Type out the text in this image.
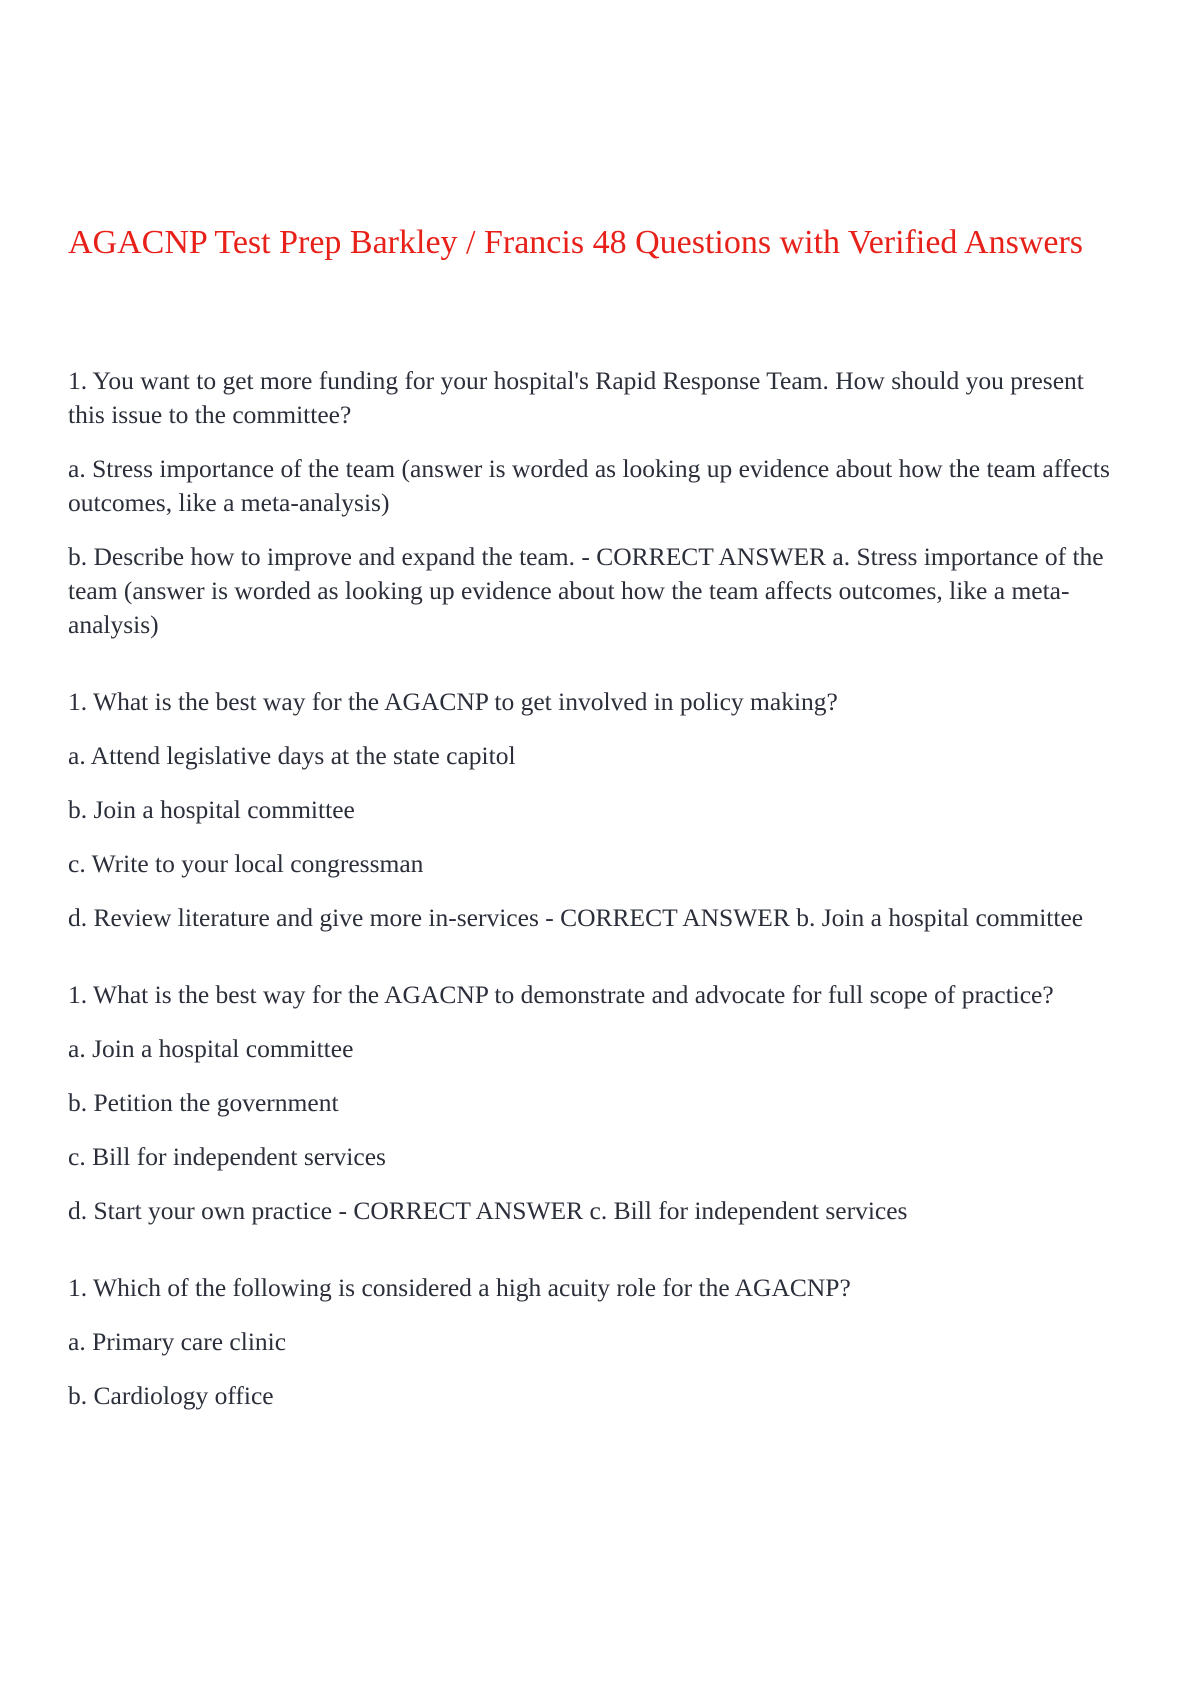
AGACNP Test Prep Barkley / Francis 48 Questions with Verified Answers

1. You want to get more funding for your hospital's Rapid Response Team. How should you present this issue to the committee?

a. Stress importance of the team (answer is worded as looking up evidence about how the team affects outcomes, like a meta-analysis)

b. Describe how to improve and expand the team. - CORRECT ANSWER a. Stress importance of the team (answer is worded as looking up evidence about how the team affects outcomes, like a meta-analysis)

1. What is the best way for the AGACNP to get involved in policy making?

a. Attend legislative days at the state capitol

b. Join a hospital committee

c. Write to your local congressman

d. Review literature and give more in-services - CORRECT ANSWER b. Join a hospital committee

1. What is the best way for the AGACNP to demonstrate and advocate for full scope of practice?

a. Join a hospital committee

b. Petition the government

c. Bill for independent services

d. Start your own practice - CORRECT ANSWER c. Bill for independent services

1. Which of the following is considered a high acuity role for the AGACNP?

a. Primary care clinic

b. Cardiology office
